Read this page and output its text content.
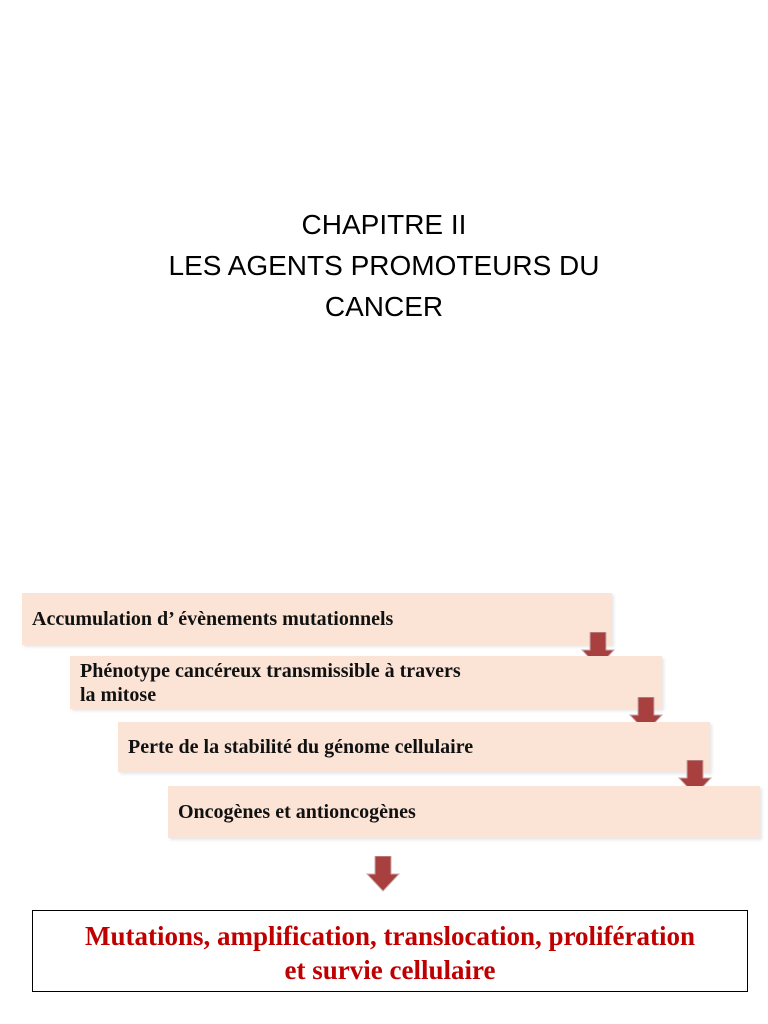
CHAPITRE II
LES AGENTS PROMOTEURS DU
CANCER
Accumulation d’ évènements mutationnels
Phénotype cancéreux transmissible à travers
la mitose
Perte de la stabilité du génome cellulaire
Oncogènes et antioncogènes
Mutations, amplification, translocation, prolifération
et survie cellulaire
